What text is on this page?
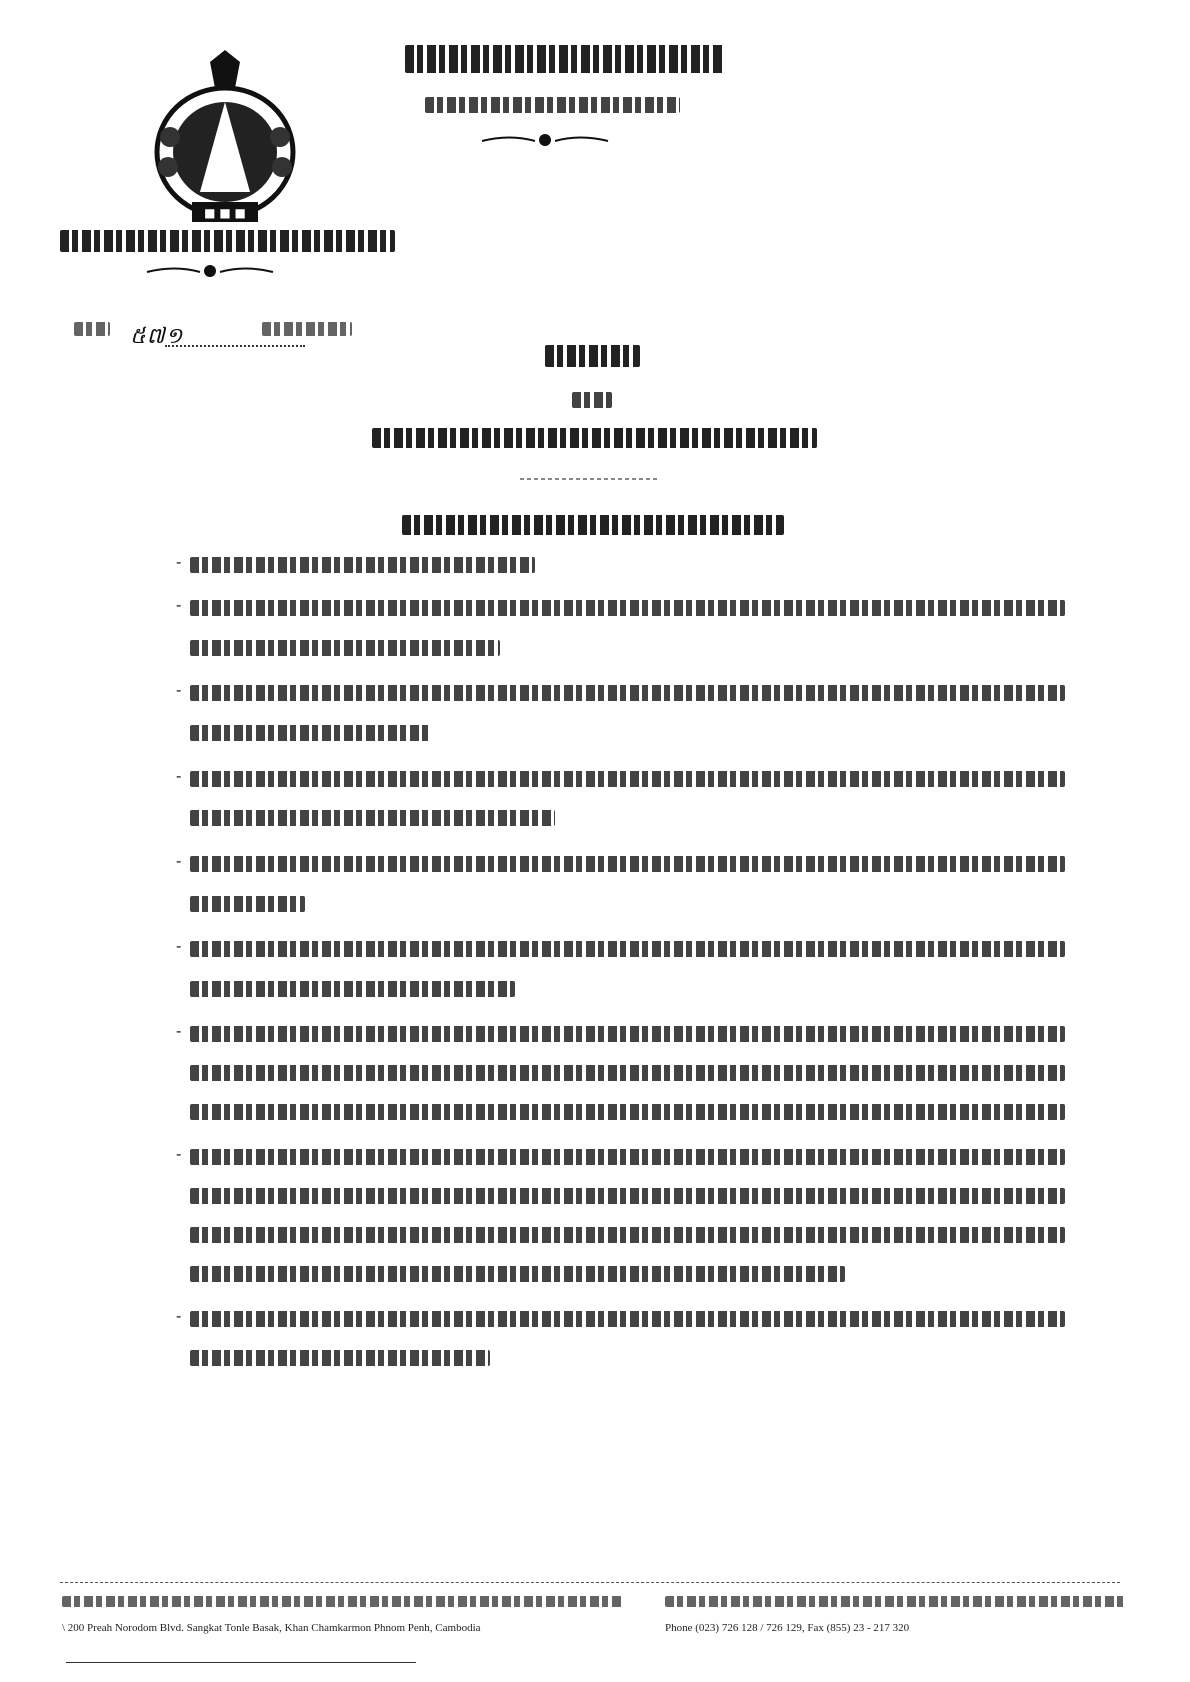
■ ■ ■
៥៧១
-
-
-
-
-
-
-
-
-
\ 200 Preah Norodom Blvd. Sangkat Tonle Basak, Khan Chamkarmon Phnom Penh, Cambodia	Phone (023) 726 128 / 726 129, Fax (855) 23 - 217 320
